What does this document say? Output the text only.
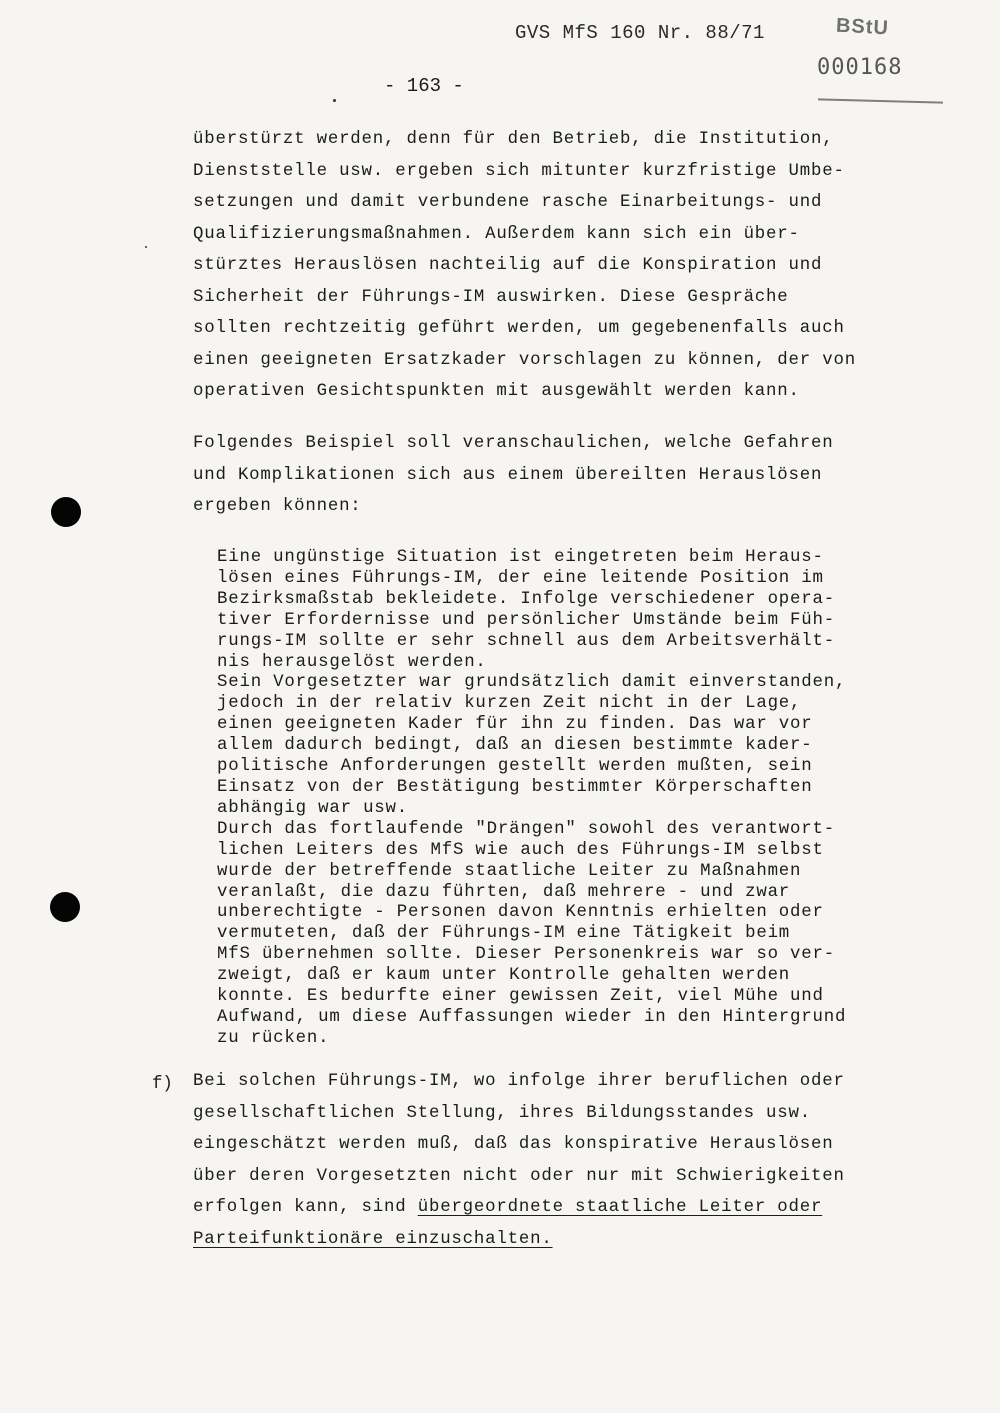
GVS MfS 160 Nr. 88/71	BStU
000168
- 163 -
überstürzt werden, denn für den Betrieb, die Institution,
Dienststelle usw. ergeben sich mitunter kurzfristige Umbe-
setzungen und damit verbundene rasche Einarbeitungs- und
Qualifizierungsmaßnahmen. Außerdem kann sich ein über-
stürztes Herauslösen nachteilig auf die Konspiration und
Sicherheit der Führungs-IM auswirken. Diese Gespräche
sollten rechtzeitig geführt werden, um gegebenenfalls auch
einen geeigneten Ersatzkader vorschlagen zu können, der von
operativen Gesichtspunkten mit ausgewählt werden kann.
Folgendes Beispiel soll veranschaulichen, welche Gefahren
und Komplikationen sich aus einem übereilten Herauslösen
ergeben können:
Eine ungünstige Situation ist eingetreten beim Heraus-
lösen eines Führungs-IM, der eine leitende Position im
Bezirksmaßstab bekleidete. Infolge verschiedener opera-
tiver Erfordernisse und persönlicher Umstände beim Füh-
rungs-IM sollte er sehr schnell aus dem Arbeitsverhält-
nis herausgelöst werden.
Sein Vorgesetzter war grundsätzlich damit einverstanden,
jedoch in der relativ kurzen Zeit nicht in der Lage,
einen geeigneten Kader für ihn zu finden. Das war vor
allem dadurch bedingt, daß an diesen bestimmte kader-
politische Anforderungen gestellt werden mußten, sein
Einsatz von der Bestätigung bestimmter Körperschaften
abhängig war usw.
Durch das fortlaufende "Drängen" sowohl des verantwort-
lichen Leiters des MfS wie auch des Führungs-IM selbst
wurde der betreffende staatliche Leiter zu Maßnahmen
veranlaßt, die dazu führten, daß mehrere - und zwar
unberechtigte - Personen davon Kenntnis erhielten oder
vermuteten, daß der Führungs-IM eine Tätigkeit beim
MfS übernehmen sollte. Dieser Personenkreis war so ver-
zweigt, daß er kaum unter Kontrolle gehalten werden
konnte. Es bedurfte einer gewissen Zeit, viel Mühe und
Aufwand, um diese Auffassungen wieder in den Hintergrund
zu rücken.
f) Bei solchen Führungs-IM, wo infolge ihrer beruflichen oder
gesellschaftlichen Stellung, ihres Bildungsstandes usw.
eingeschätzt werden muß, daß das konspirative Herauslösen
über deren Vorgesetzten nicht oder nur mit Schwierigkeiten
erfolgen kann, sind übergeordnete staatliche Leiter oder
Parteifunktionäre einzuschalten.
